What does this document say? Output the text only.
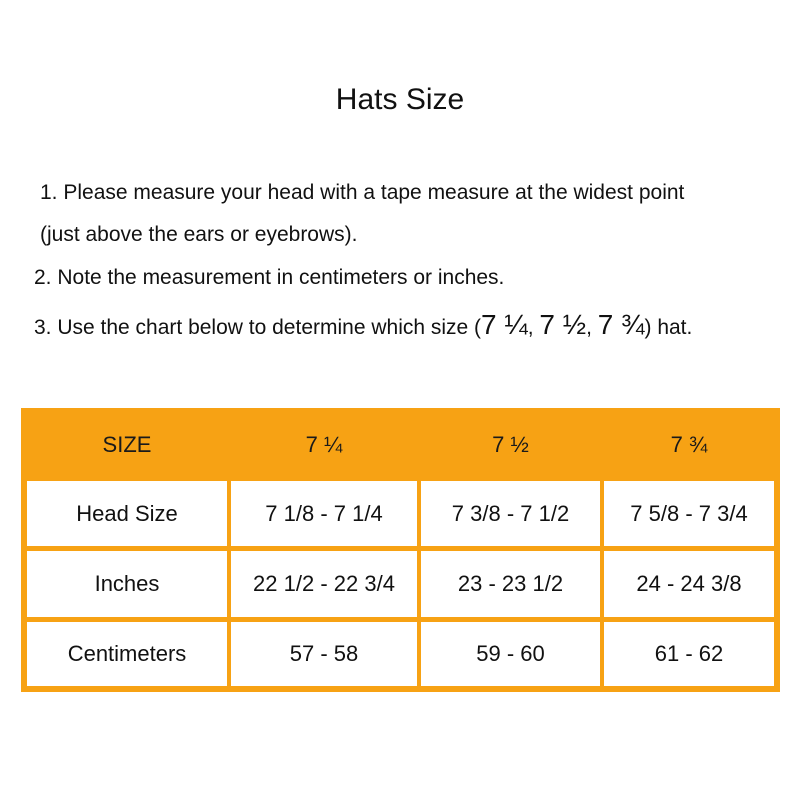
Hats Size
1. Please measure your head with a tape measure at the widest point
(just above the ears or eyebrows).
2. Note the measurement in centimeters or inches.
3. Use the chart below to determine which size (7 ¼, 7 ½, 7 ¾) hat.
SIZE	7 ¼	7 ½	7 ¾
Head Size	7 1/8 - 7 1/4	7 3/8 - 7 1/2	7 5/8 - 7 3/4
Inches	22 1/2 - 22 3/4	23 - 23 1/2	24 - 24 3/8
Centimeters	57 - 58	59 - 60	61 - 62
